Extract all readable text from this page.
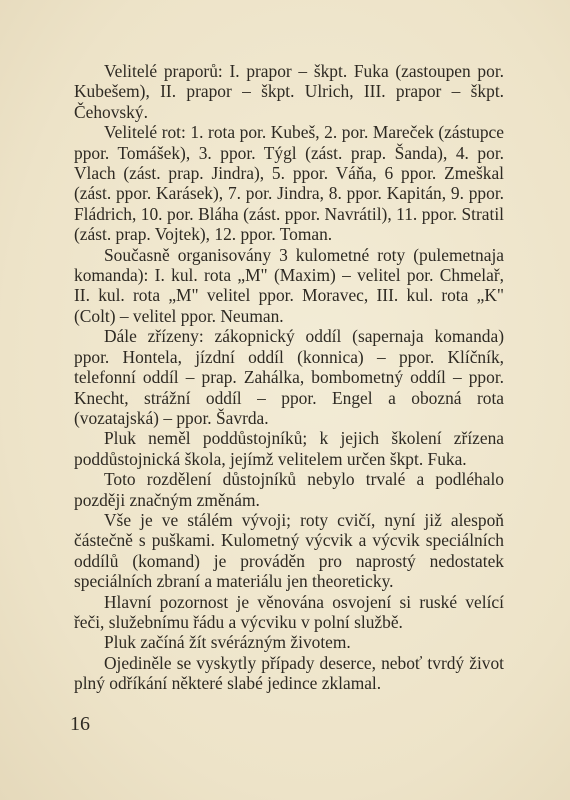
Velitelé praporů: I. prapor – škpt. Fuka (zastoupen por. Kubešem), II. prapor – škpt. Ulrich, III. prapor – škpt. Čehovský.

Velitelé rot: 1. rota por. Kubeš, 2. por. Mareček (zástupce ppor. Tomášek), 3. ppor. Týgl (zást. prap. Šanda), 4. por. Vlach (zást. prap. Jindra), 5. ppor. Váňa, 6 ppor. Zmeškal (zást. ppor. Karásek), 7. por. Jindra, 8. ppor. Kapitán, 9. ppor. Fládrich, 10. por. Bláha (zást. ppor. Navrátil), 11. ppor. Stratil (zást. prap. Vojtek), 12. ppor. Toman.

Současně organisovány 3 kulometné roty (pulemetnaja komanda): I. kul. rota „M" (Maxim) – velitel por. Chmelař, II. kul. rota „M" velitel ppor. Moravec, III. kul. rota „K" (Colt) – velitel ppor. Neuman.

Dále zřízeny: zákopnický oddíl (sapernaja komanda) ppor. Hontela, jízdní oddíl (konnica) – ppor. Klíčník, telefonní oddíl – prap. Zahálka, bombometný oddíl – ppor. Knecht, strážní oddíl – ppor. Engel a obozná rota (vozatajská) – ppor. Šavrda.

Pluk neměl poddůstojníků; k jejich školení zřízena poddůstojnická škola, jejímž velitelem určen škpt. Fuka.

Toto rozdělení důstojníků nebylo trvalé a podléhalo později značným změnám.

Vše je ve stálém vývoji; roty cvičí, nyní již alespoň částečně s puškami. Kulometný výcvik a výcvik speciálních oddílů (komand) je prováděn pro naprostý nedostatek speciálních zbraní a materiálu jen theoreticky.

Hlavní pozornost je věnována osvojení si ruské velící řeči, služebnímu řádu a výcviku v polní službě.

Pluk začíná žít svérázným životem.

Ojediněle se vyskytly případy deserce, neboť tvrdý život plný odříkání některé slabé jedince zklamal.

16
